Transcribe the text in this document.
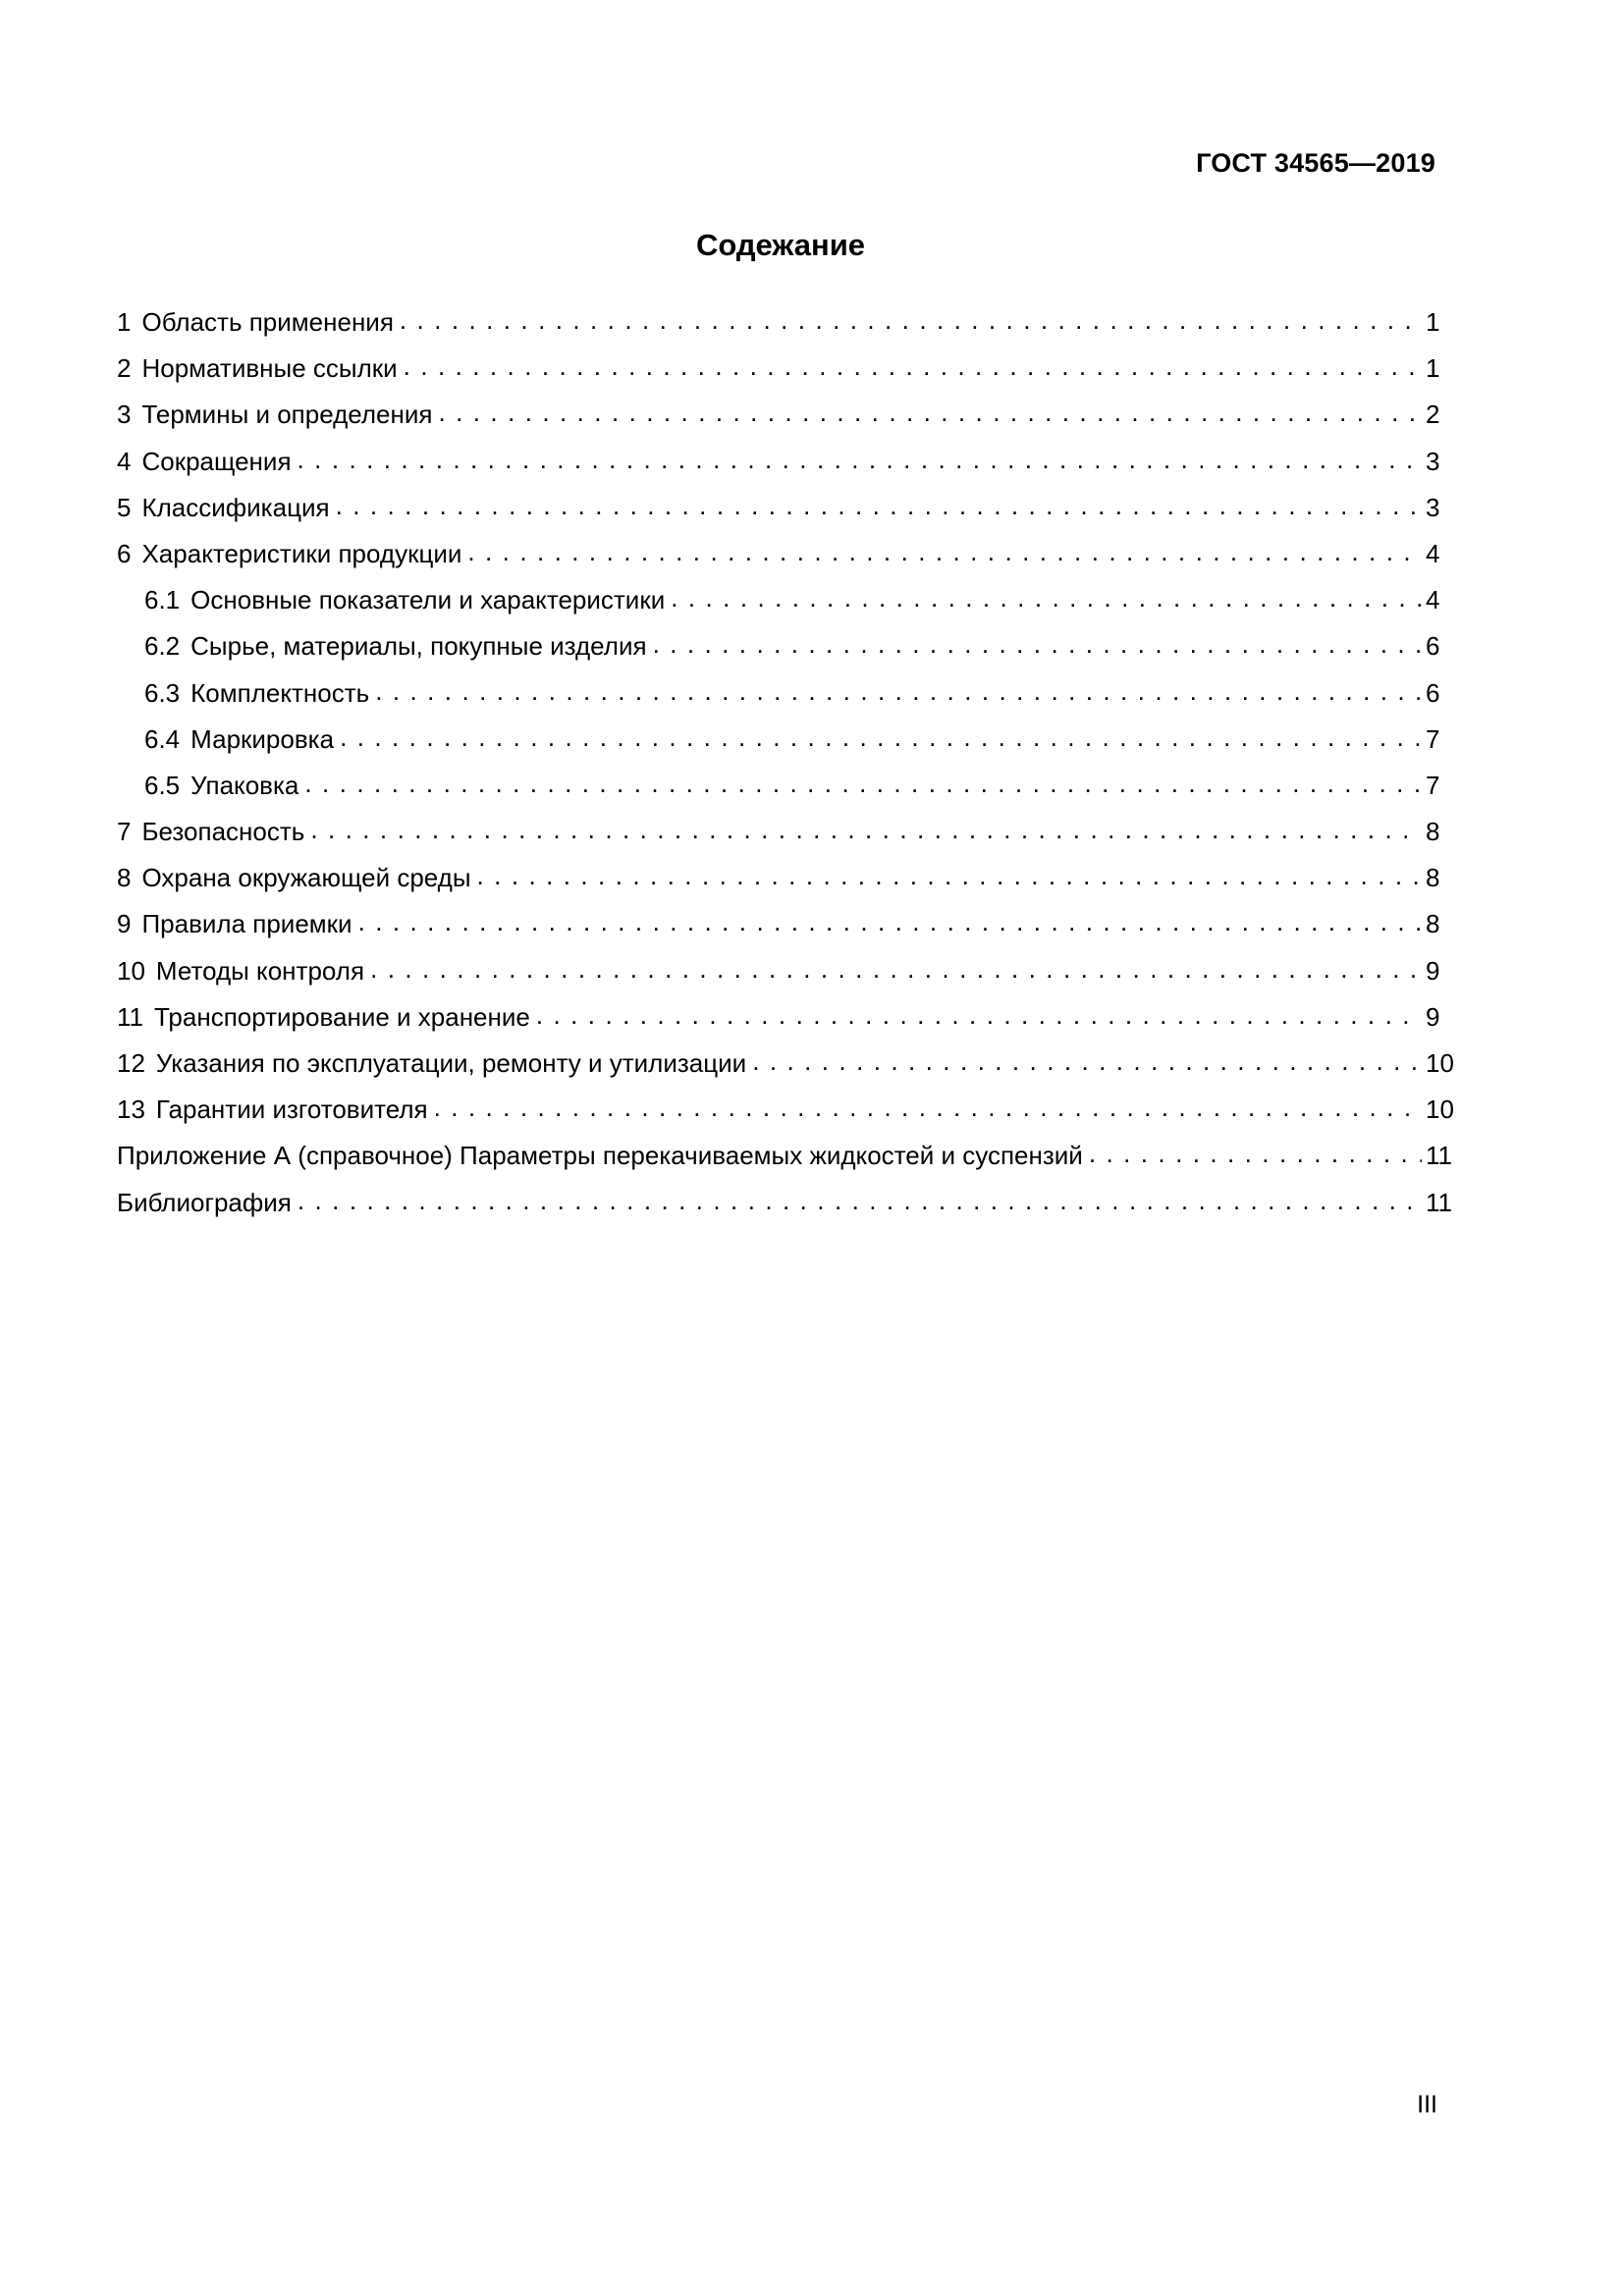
ГОСТ 34565—2019
Содежание
1 Область применения . . .	1
2 Нормативные ссылки . . .	1
3 Термины и определения . . .	2
4 Сокращения . . .	3
5 Классификация . . .	3
6 Характеристики продукции . . .	4
6.1 Основные показатели и характеристики . . .	4
6.2 Сырье, материалы, покупные изделия . . .	6
6.3 Комплектность . . .	6
6.4 Маркировка . . .	7
6.5 Упаковка . . .	7
7 Безопасность . . .	8
8 Охрана окружающей среды . . .	8
9 Правила приемки . . .	8
10 Методы контроля . . .	9
11 Транспортирование и хранение . . .	9
12 Указания по эксплуатации, ремонту и утилизации . . .	10
13 Гарантии изготовителя . . .	10
Приложение А (справочное) Параметры перекачиваемых жидкостей и суспензий . . .	11
Библиография . . .	11
III
